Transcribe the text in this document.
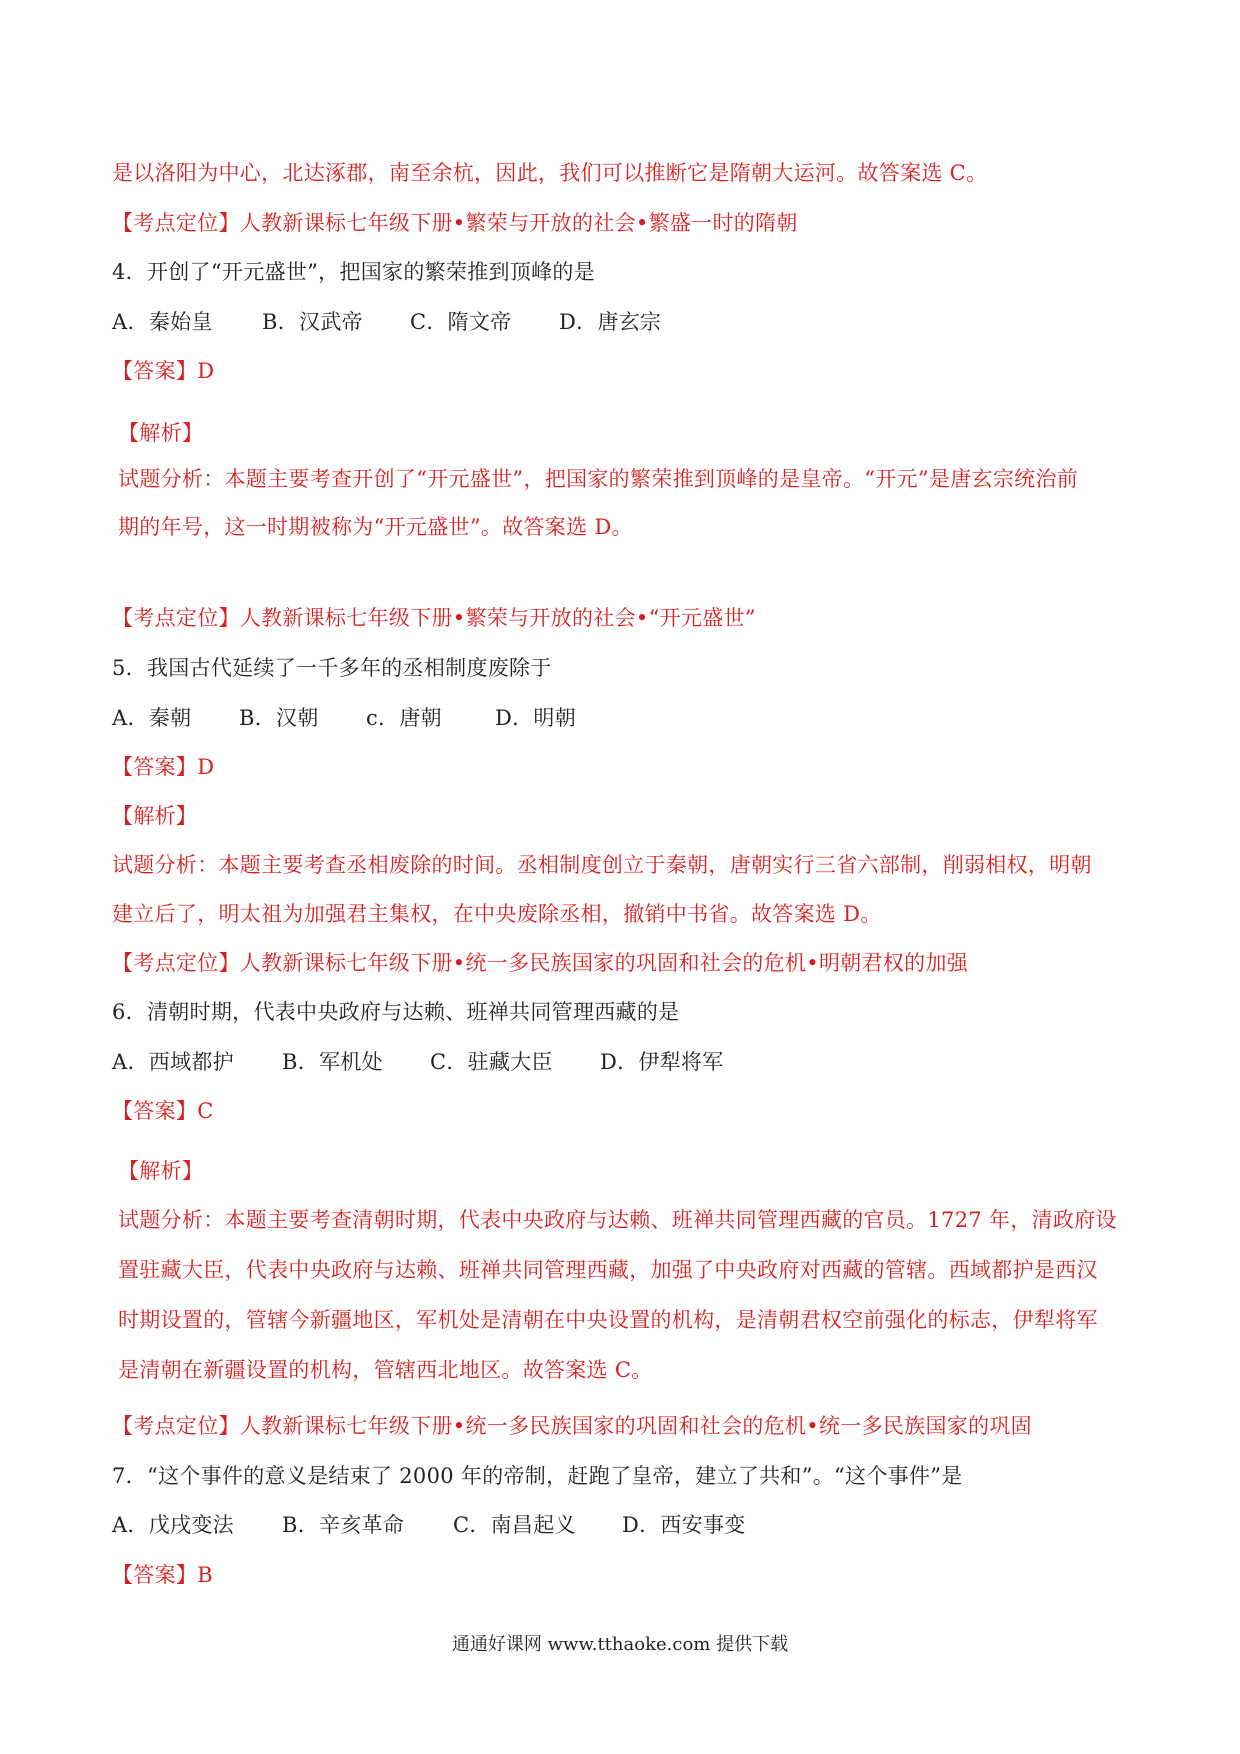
是以洛阳为中心，北达涿郡，南至余杭，因此，我们可以推断它是隋朝大运河。故答案选 C。
【考点定位】人教新课标七年级下册•繁荣与开放的社会•繁盛一时的隋朝
4．开创了“开元盛世”，把国家的繁荣推到顶峰的是
A．秦始皇 B．汉武帝 C．隋文帝 D．唐玄宗
【答案】D
【解析】
试题分析：本题主要考查开创了“开元盛世”，把国家的繁荣推到顶峰的是皇帝。“开元”是唐玄宗统治前
期的年号，这一时期被称为“开元盛世”。故答案选 D。
【考点定位】人教新课标七年级下册•繁荣与开放的社会•“开元盛世”
5．我国古代延续了一千多年的丞相制度废除于
A．秦朝 B．汉朝 c．唐朝	D．明朝
【答案】D
【解析】
试题分析：本题主要考查丞相废除的时间。丞相制度创立于秦朝，唐朝实行三省六部制，削弱相权，明朝
建立后了，明太祖为加强君主集权，在中央废除丞相，撤销中书省。故答案选 D。
【考点定位】人教新课标七年级下册•统一多民族国家的巩固和社会的危机•明朝君权的加强
6．清朝时期，代表中央政府与达赖、班禅共同管理西藏的是
A．西域都护 B．军机处 C．驻藏大臣 D．伊犁将军
【答案】C
【解析】
试题分析：本题主要考查清朝时期，代表中央政府与达赖、班禅共同管理西藏的官员。1727 年，清政府设
置驻藏大臣，代表中央政府与达赖、班禅共同管理西藏，加强了中央政府对西藏的管辖。西域都护是西汉
时期设置的，管辖今新疆地区，军机处是清朝在中央设置的机构，是清朝君权空前强化的标志，伊犁将军
是清朝在新疆设置的机构，管辖西北地区。故答案选 C。
【考点定位】人教新课标七年级下册•统一多民族国家的巩固和社会的危机•统一多民族国家的巩固
7．“这个事件的意义是结束了 2000 年的帝制，赶跑了皇帝，建立了共和”。“这个事件”是
A．戊戌变法 B．辛亥革命 C．南昌起义 D．西安事变
【答案】B
通通好课网 www.tthaoke.com 提供下载
